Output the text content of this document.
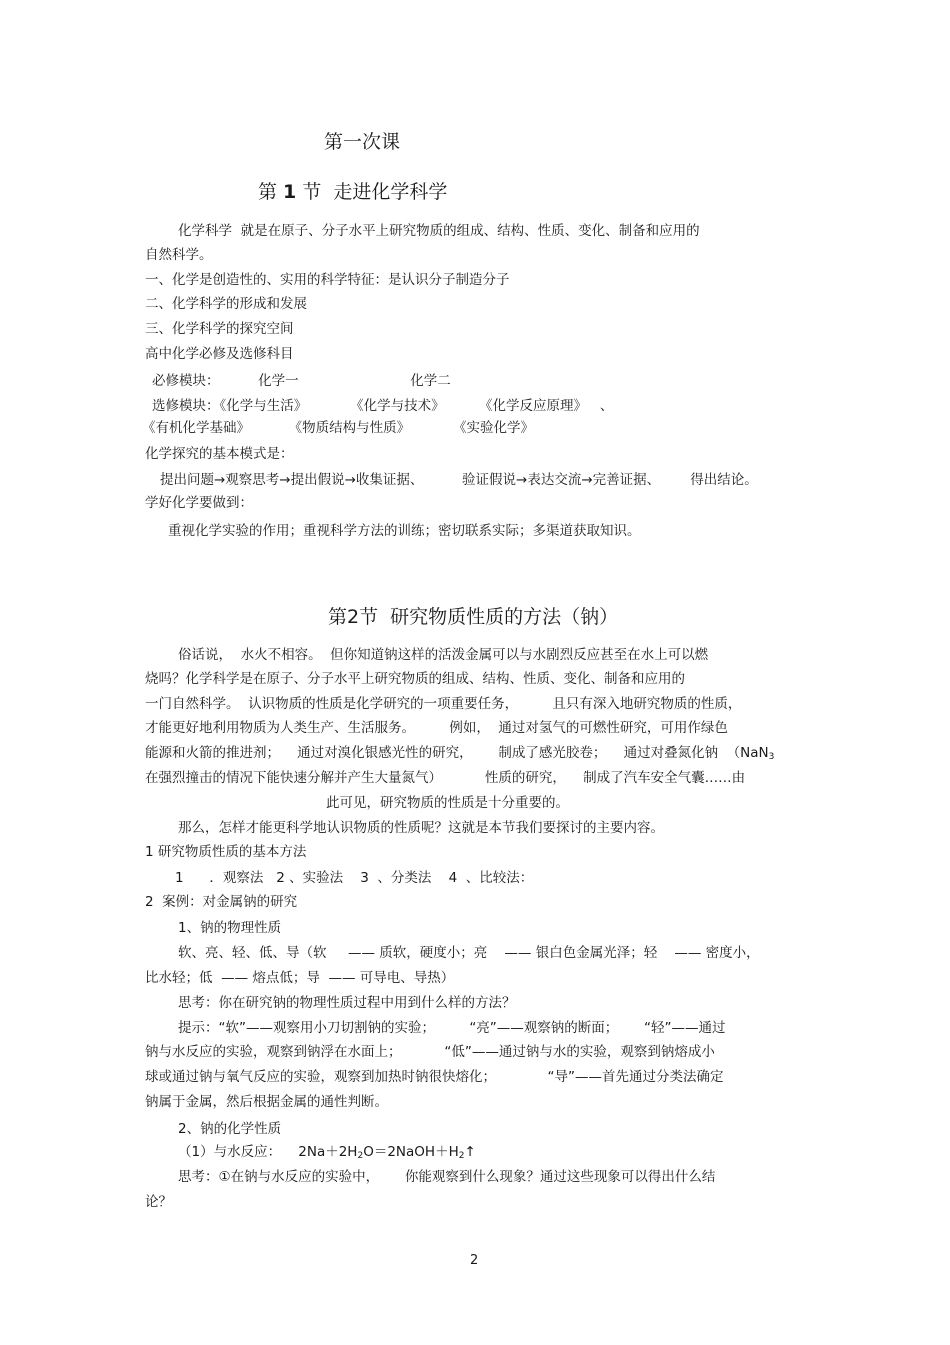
第一次课
第 1 节  走进化学科学
化学科学  就是在原子、分子水平上研究物质的组成、结构、性质、变化、制备和应用的
自然科学。
一、化学是创造性的、实用的科学特征：是认识分子制造分子
二、化学科学的形成和发展
三、化学科学的探究空间
高中化学必修及选修科目
必修模块：         化学一                          化学二
选修模块：《化学与生活》          《化学与技术》        《化学反应原理》   、
《有机化学基础》         《物质结构与性质》          《实验化学》
化学探究的基本模式是：
提出问题→观察思考→提出假说→收集证据、         验证假说→表达交流→完善证据、       得出结论。
学好化学要做到：
重视化学实验的作用；重视科学方法的训练；密切联系实际；多渠道获取知识。
第2节  研究物质性质的方法（钠）
俗话说，  水火不相容。  但你知道钠这样的活泼金属可以与水剧烈反应甚至在水上可以燃
烧吗？化学科学是在原子、分子水平上研究物质的组成、结构、性质、变化、制备和应用的
一门自然科学。  认识物质的性质是化学研究的一项重要任务，        且只有深入地研究物质的性质，
才能更好地利用物质为人类生产、生活服务。        例如，  通过对氢气的可燃性研究，可用作绿色
能源和火箭的推进剂；    通过对溴化银感光性的研究，      制成了感光胶卷；    通过对叠氮化钠  （NaN$_3$
在强烈撞击的情况下能快速分解并产生大量氮气）          性质的研究，    制成了汽车安全气囊……由
此可见，研究物质的性质是十分重要的。
那么，怎样才能更科学地认识物质的性质呢？这就是本节我们要探讨的主要内容。
1 研究物质性质的基本方法
1      ．观察法   2 、实验法    3  、分类法    4  、比较法：
2  案例：对金属钠的研究
1、钠的物理性质
软、亮、轻、低、导（软     —— 质软，硬度小；亮    —— 银白色金属光泽；轻    —— 密度小，
比水轻；低  —— 熔点低；导  —— 可导电、导热）
思考：你在研究钠的物理性质过程中用到什么样的方法？
提示：“软”——观察用小刀切割钠的实验；        “亮”——观察钠的断面；      “轻”——通过
钠与水反应的实验，观察到钠浮在水面上；          “低”——通过钠与水的实验，观察到钠熔成小
球或通过钠与氧气反应的实验，观察到加热时钠很快熔化；            “导”——首先通过分类法确定
钠属于金属，然后根据金属的通性判断。
2、钠的化学性质
（1）与水反应：    $2Na+2H_2O=2NaOH+H_2↑$
思考：①在钠与水反应的实验中，      你能观察到什么现象？通过这些现象可以得出什么结
论？
2
